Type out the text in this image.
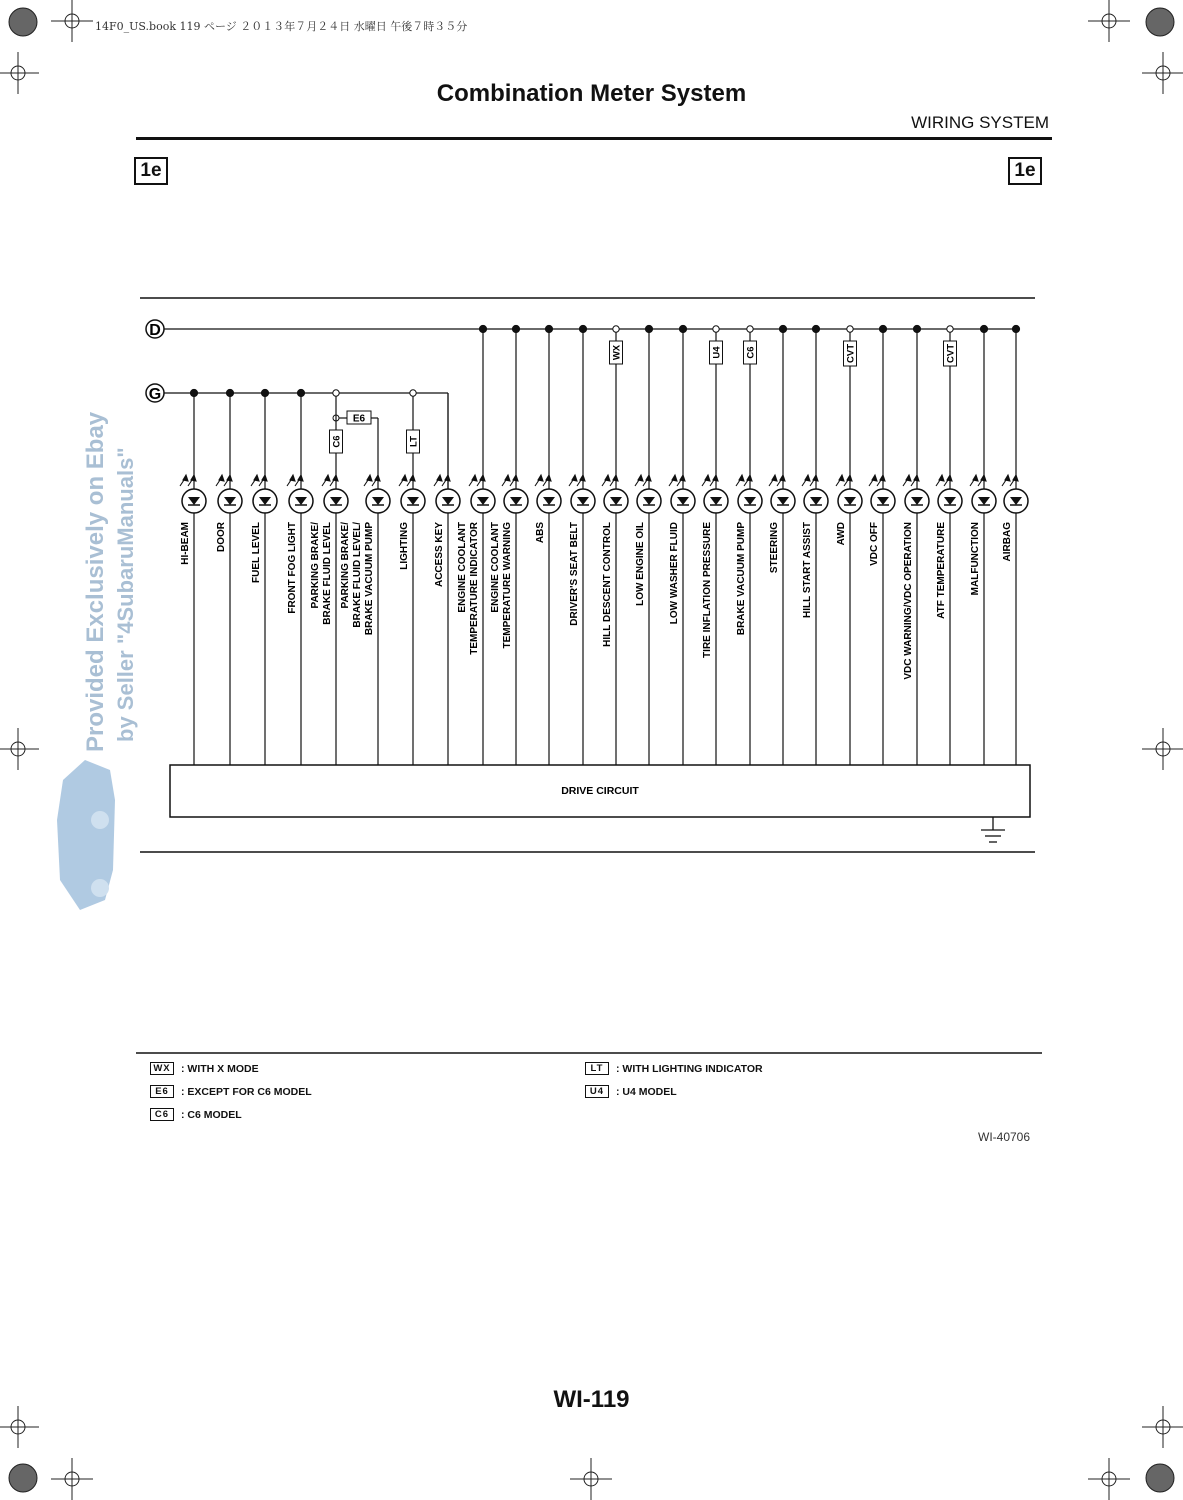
14F0_US.book 119 ページ ２０１３年７月２４日 水曜日 午後７時３５分
Provided Exclusively on Ebay by Seller "4SubaruManuals"
Combination Meter System
WIRING SYSTEM
1e	1e
D
G
E6
HI-BEAM	DOOR FUEL LEVEL	FRONT FOG LIGHT
C6
PARKING BRAKE/ BRAKE FLUID LEVEL PARKING BRAKE/ BRAKE FLUID LEVEL/ BRAKE VACUUM PUMP
LT
LIGHTING ACCESS KEY ENGINE COOLANT TEMPERATURE INDICATOR ENGINE COOLANT TEMPERATURE WARNING ABS DRIVER'S SEAT BELT
WX
HILL DESCENT CONTROL LOW ENGINE OIL LOW WASHER FLUID
U4
TIRE INFLATION PRESSURE
C6
BRAKE VACUUM PUMP STEERING HILL START ASSIST
CVT
AWD VDC OFF VDC WARNING/VDC OPERATION
CVT
ATF TEMPERATURE MALFUNCTION AIRBAG
DRIVE CIRCUIT
WX : WITH X MODE
E6	: EXCEPT FOR C6 MODEL
C6	: C6 MODEL
LT	: WITH LIGHTING INDICATOR
U4	: U4 MODEL
WI-40706
WI-119
